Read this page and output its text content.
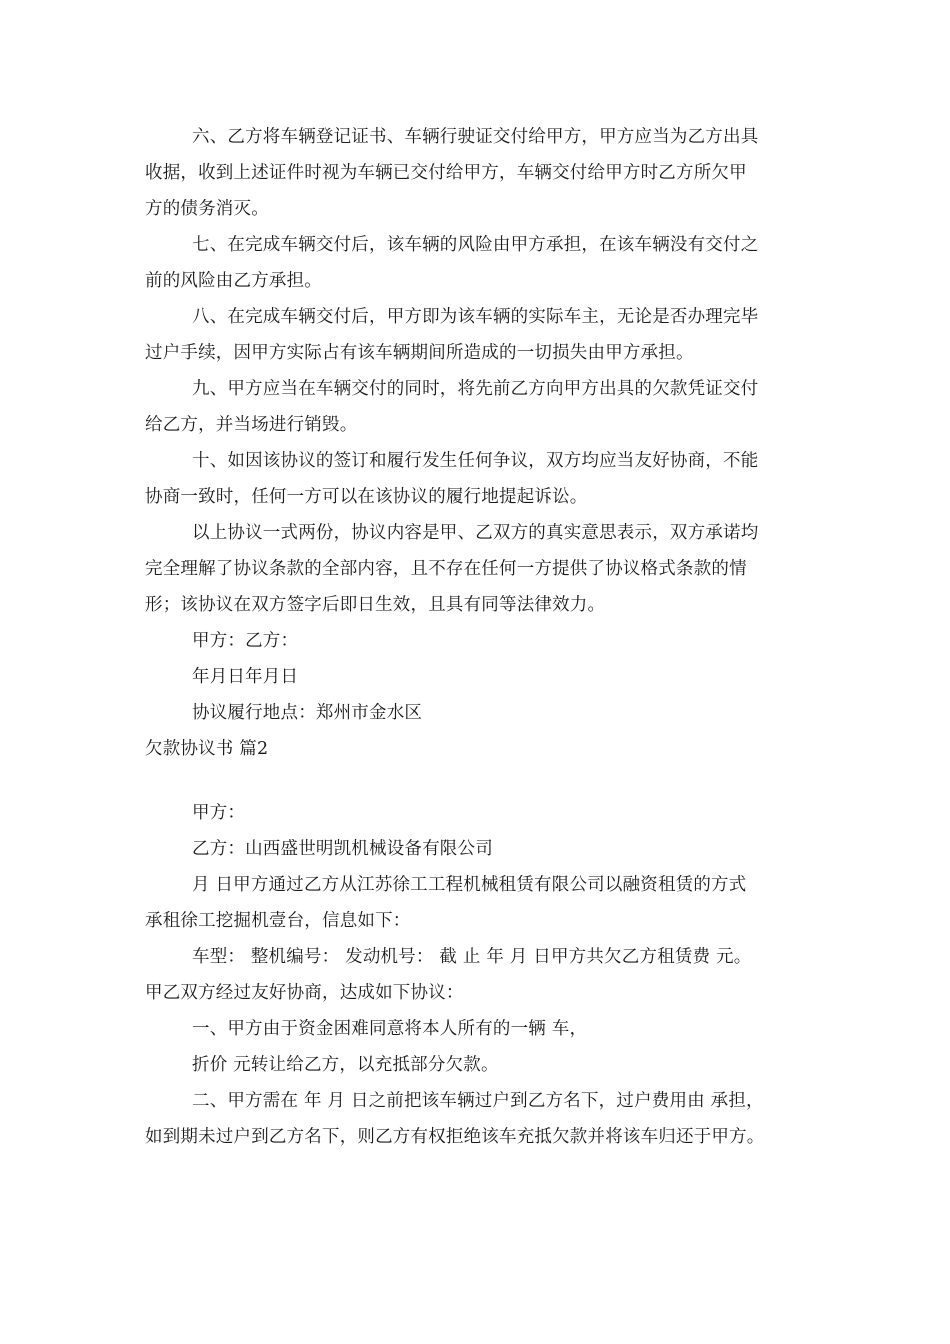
六、乙方将车辆登记证书、车辆行驶证交付给甲方，甲方应当为乙方出具
收据，收到上述证件时视为车辆已交付给甲方，车辆交付给甲方时乙方所欠甲
方的债务消灭。
七、在完成车辆交付后，该车辆的风险由甲方承担，在该车辆没有交付之
前的风险由乙方承担。
八、在完成车辆交付后，甲方即为该车辆的实际车主，无论是否办理完毕
过户手续，因甲方实际占有该车辆期间所造成的一切损失由甲方承担。
九、甲方应当在车辆交付的同时，将先前乙方向甲方出具的欠款凭证交付
给乙方，并当场进行销毁。
十、如因该协议的签订和履行发生任何争议，双方均应当友好协商，不能
协商一致时，任何一方可以在该协议的履行地提起诉讼。
以上协议一式两份，协议内容是甲、乙双方的真实意思表示，双方承诺均
完全理解了协议条款的全部内容，且不存在任何一方提供了协议格式条款的情
形；该协议在双方签字后即日生效，且具有同等法律效力。
甲方：乙方：
年月日年月日
协议履行地点：郑州市金水区
欠款协议书 篇2
甲方：
乙方：山西盛世明凯机械设备有限公司
月 日甲方通过乙方从江苏徐工工程机械租赁有限公司以融资租赁的方式
承租徐工挖掘机壹台，信息如下：
车型： 整机编号： 发动机号： 截 止 年 月 日甲方共欠乙方租赁费 元。
甲乙双方经过友好协商，达成如下协议：
一、甲方由于资金困难同意将本人所有的一辆 车，
折价 元转让给乙方，以充抵部分欠款。
二、甲方需在 年 月 日之前把该车辆过户到乙方名下，过户费用由 承担，
如到期未过户到乙方名下，则乙方有权拒绝该车充抵欠款并将该车归还于甲方。
